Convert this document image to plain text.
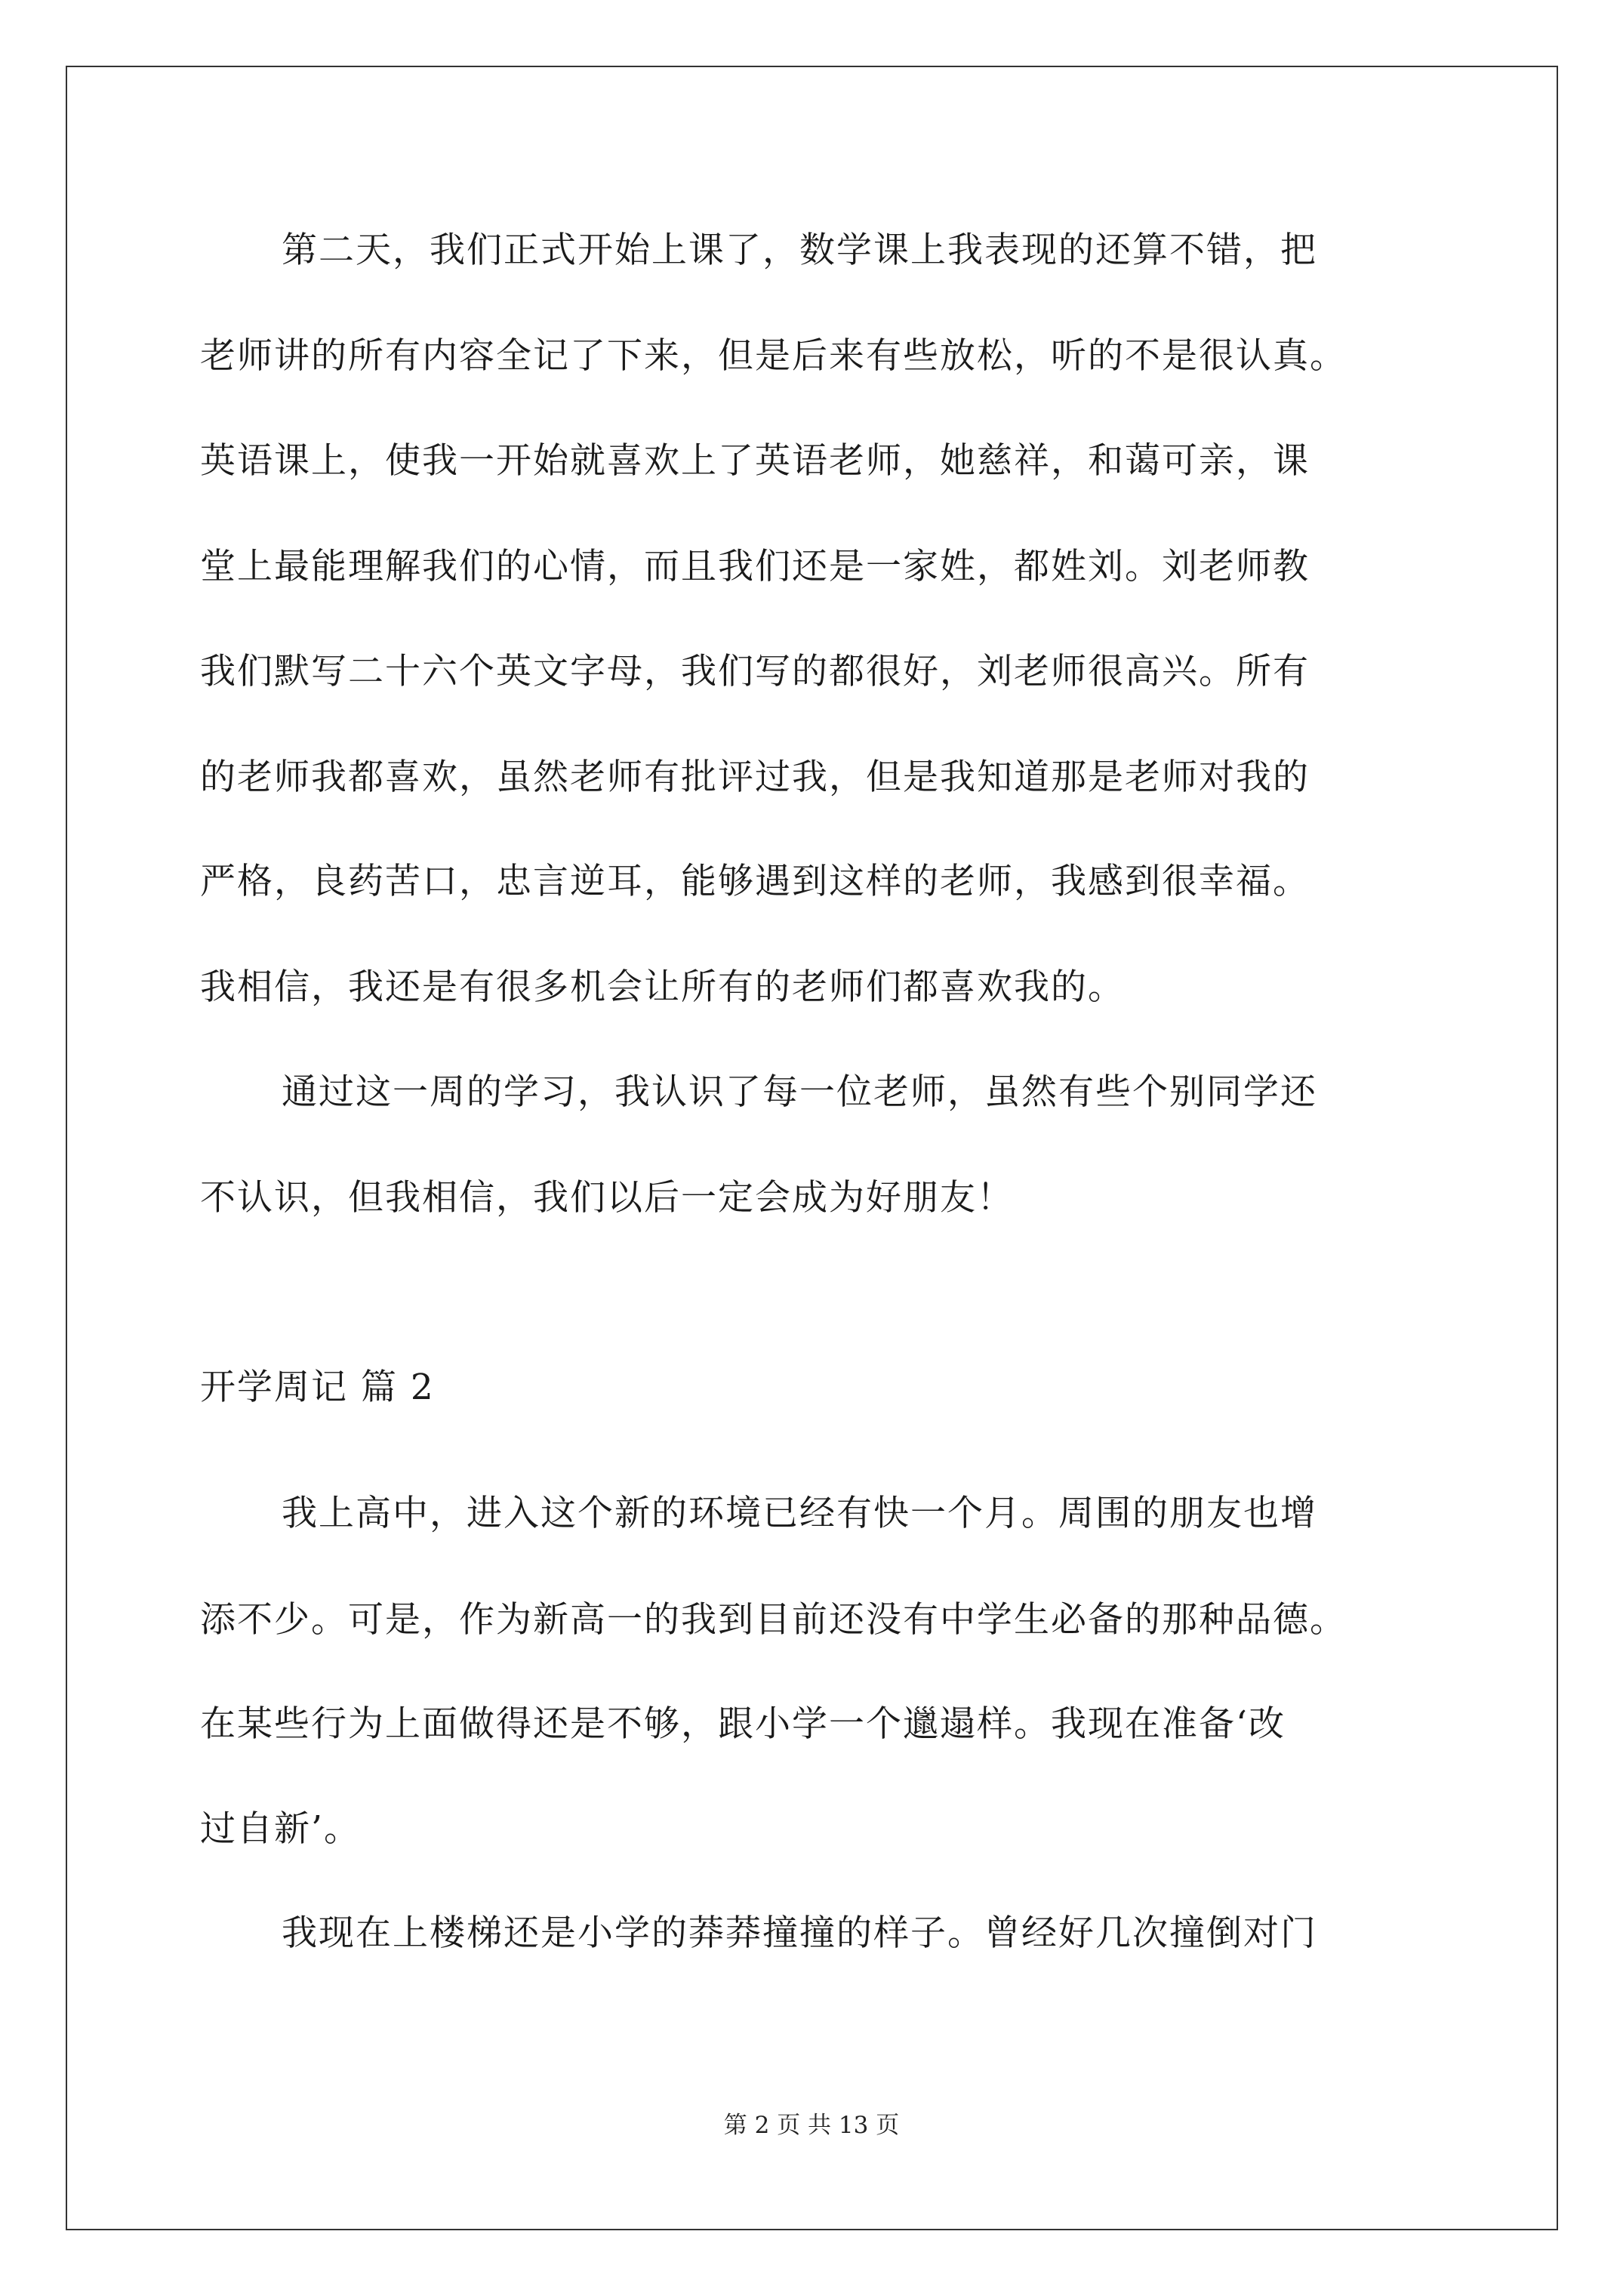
第二天，我们正式开始上课了，数学课上我表现的还算不错，把
老师讲的所有内容全记了下来，但是后来有些放松，听的不是很认真。
英语课上，使我一开始就喜欢上了英语老师，她慈祥，和蔼可亲，课
堂上最能理解我们的心情，而且我们还是一家姓，都姓刘。刘老师教
我们默写二十六个英文字母，我们写的都很好，刘老师很高兴。所有
的老师我都喜欢，虽然老师有批评过我，但是我知道那是老师对我的
严格，良药苦口，忠言逆耳，能够遇到这样的老师，我感到很幸福。
我相信，我还是有很多机会让所有的老师们都喜欢我的。
通过这一周的学习，我认识了每一位老师，虽然有些个别同学还
不认识，但我相信，我们以后一定会成为好朋友！
开学周记 篇 2
我上高中，进入这个新的环境已经有快一个月。周围的朋友也增
添不少。可是，作为新高一的我到目前还没有中学生必备的那种品德。
在某些行为上面做得还是不够，跟小学一个邋遢样。我现在准备‘改
过自新’。
我现在上楼梯还是小学的莽莽撞撞的样子。曾经好几次撞倒对门
第 2 页 共 13 页
